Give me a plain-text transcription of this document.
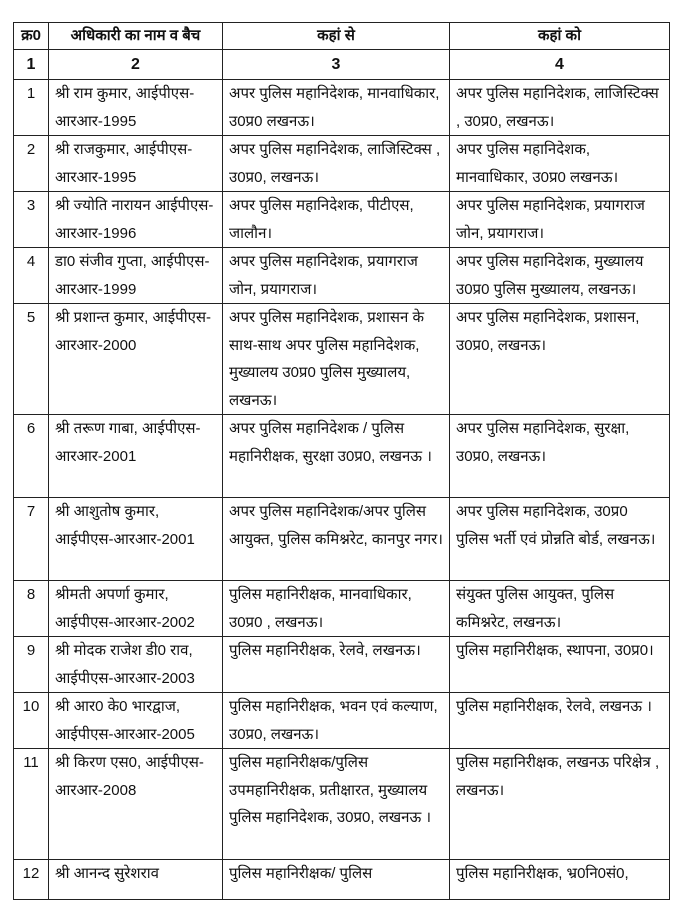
क्र0	अधिकारी का नाम व बैच	कहां से	कहां को
1	2	3	4
1	श्री राम कुमार, आईपीएस-आरआर-1995	अपर पुलिस महानिदेशक, मानवाधिकार, उ0प्र0 लखनऊ।	अपर पुलिस महानिदेशक, लाजिस्टिक्स , उ0प्र0, लखनऊ।
2	श्री राजकुमार, आईपीएस-आरआर-1995	अपर पुलिस महानिदेशक, लाजिस्टिक्स , उ0प्र0, लखनऊ।	अपर पुलिस महानिदेशक, मानवाधिकार, उ0प्र0 लखनऊ।
3	श्री ज्योति नारायन आईपीएस-आरआर-1996	अपर पुलिस महानिदेशक, पीटीएस, जालौन।	अपर पुलिस महानिदेशक, प्रयागराज जोन, प्रयागराज।
4	डा0 संजीव गुप्ता, आईपीएस-आरआर-1999	अपर पुलिस महानिदेशक, प्रयागराज जोन, प्रयागराज।	अपर पुलिस महानिदेशक, मुख्यालय उ0प्र0 पुलिस मुख्यालय, लखनऊ।
5	श्री प्रशान्त कुमार, आईपीएस-आरआर-2000	अपर पुलिस महानिदेशक, प्रशासन के साथ-साथ अपर पुलिस महानिदेशक, मुख्यालय उ0प्र0 पुलिस मुख्यालय, लखनऊ।	अपर पुलिस महानिदेशक, प्रशासन, उ0प्र0, लखनऊ।
6	श्री तरूण गाबा, आईपीएस-आरआर-2001	अपर पुलिस महानिदेशक / पुलिस महानिरीक्षक, सुरक्षा उ0प्र0, लखनऊ ।	अपर पुलिस महानिदेशक, सुरक्षा, उ0प्र0, लखनऊ।
7	श्री आशुतोष कुमार, आईपीएस-आरआर-2001	अपर पुलिस महानिदेशक/अपर पुलिस आयुक्त, पुलिस कमिश्नरेट, कानपुर नगर।	अपर पुलिस महानिदेशक, उ0प्र0 पुलिस भर्ती एवं प्रोन्नति बोर्ड, लखनऊ।
8	श्रीमती अपर्णा कुमार, आईपीएस-आरआर-2002	पुलिस महानिरीक्षक, मानवाधिकार, उ0प्र0 , लखनऊ।	संयुक्त पुलिस आयुक्त, पुलिस कमिश्नरेट, लखनऊ।
9	श्री मोदक राजेश डी0 राव, आईपीएस-आरआर-2003	पुलिस महानिरीक्षक, रेलवे, लखनऊ।	पुलिस महानिरीक्षक, स्थापना, उ0प्र0।
10	श्री आर0 के0 भारद्वाज, आईपीएस-आरआर-2005	पुलिस महानिरीक्षक, भवन एवं कल्याण, उ0प्र0, लखनऊ।	पुलिस महानिरीक्षक, रेलवे, लखनऊ ।
11	श्री किरण एस0, आईपीएस-आरआर-2008	पुलिस महानिरीक्षक/पुलिस उपमहानिरीक्षक, प्रतीक्षारत, मुख्यालय पुलिस महानिदेशक, उ0प्र0, लखनऊ ।	पुलिस महानिरीक्षक, लखनऊ परिक्षेत्र , लखनऊ।
12	श्री आनन्द सुरेशराव	पुलिस महानिरीक्षक/ पुलिस	पुलिस महानिरीक्षक, भ्र0नि0सं0,
